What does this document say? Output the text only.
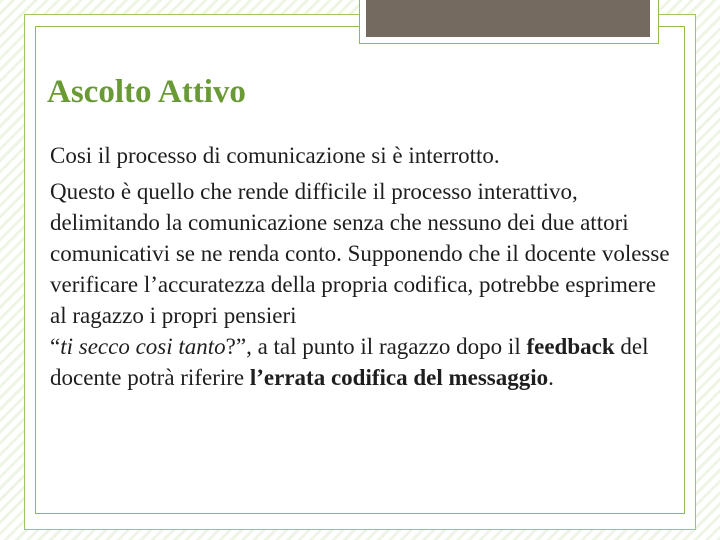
Ascolto Attivo

Cosi il processo di comunicazione si è interrotto.

Questo è quello che rende difficile il processo interattivo, delimitando la comunicazione senza che nessuno dei due attori comunicativi se ne renda conto. Supponendo che il docente volesse verificare l’accuratezza della propria codifica, potrebbe esprimere al ragazzo i propri pensieri
“ti secco cosi tanto?”, a tal punto il ragazzo dopo il feedback del docente potrà riferire l’errata codifica del messaggio.
